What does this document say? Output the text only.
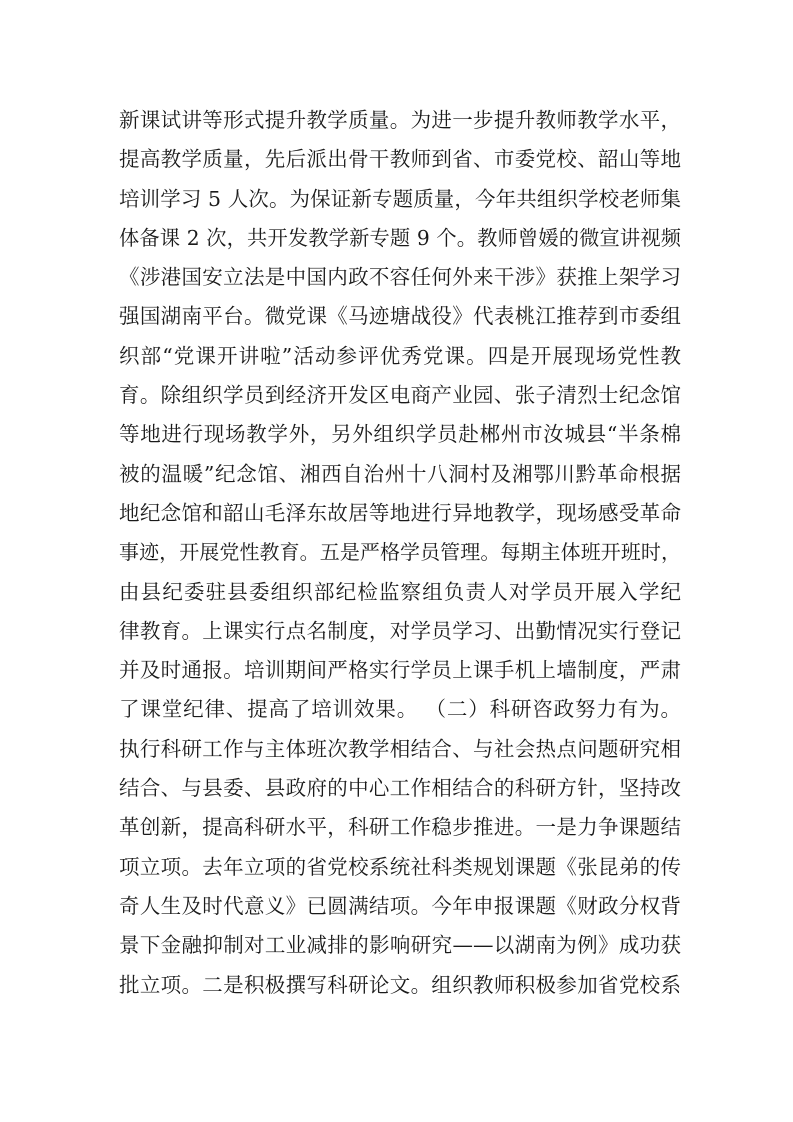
新课试讲等形式提升教学质量。为进一步提升教师教学水平，
提高教学质量，先后派出骨干教师到省、市委党校、韶山等地
培训学习 5 人次。为保证新专题质量，今年共组织学校老师集
体备课 2 次，共开发教学新专题 9 个。教师曾媛的微宣讲视频
《涉港国安立法是中国内政不容任何外来干涉》获推上架学习
强国湖南平台。微党课《马迹塘战役》代表桃江推荐到市委组
织部“党课开讲啦”活动参评优秀党课。四是开展现场党性教
育。除组织学员到经济开发区电商产业园、张子清烈士纪念馆
等地进行现场教学外，另外组织学员赴郴州市汝城县“半条棉
被的温暖”纪念馆、湘西自治州十八洞村及湘鄂川黔革命根据
地纪念馆和韶山毛泽东故居等地进行异地教学，现场感受革命
事迹，开展党性教育。五是严格学员管理。每期主体班开班时，
由县纪委驻县委组织部纪检监察组负责人对学员开展入学纪
律教育。上课实行点名制度，对学员学习、出勤情况实行登记
并及时通报。培训期间严格实行学员上课手机上墙制度，严肃
了课堂纪律、提高了培训效果。 （二）科研咨政努力有为。
执行科研工作与主体班次教学相结合、与社会热点问题研究相
结合、与县委、县政府的中心工作相结合的科研方针，坚持改
革创新，提高科研水平，科研工作稳步推进。一是力争课题结
项立项。去年立项的省党校系统社科类规划课题《张昆弟的传
奇人生及时代意义》已圆满结项。今年申报课题《财政分权背
景下金融抑制对工业减排的影响研究——以湖南为例》成功获
批立项。二是积极撰写科研论文。组织教师积极参加省党校系
